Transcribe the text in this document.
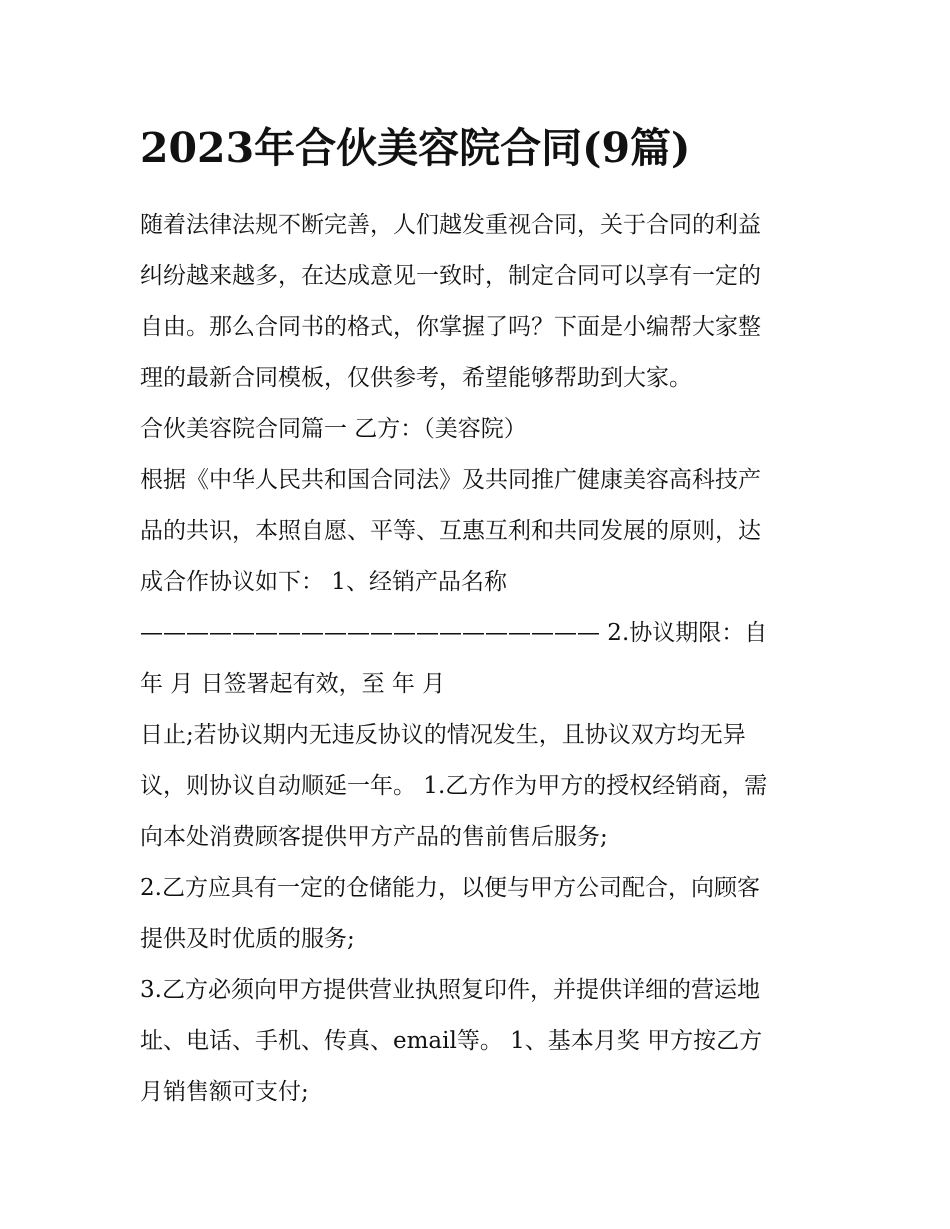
2023年合伙美容院合同(9篇)
随着法律法规不断完善，人们越发重视合同，关于合同的利益
纠纷越来越多，在达成意见一致时，制定合同可以享有一定的
自由。那么合同书的格式，你掌握了吗？下面是小编帮大家整
理的最新合同模板，仅供参考，希望能够帮助到大家。
合伙美容院合同篇一 乙方：（美容院）
根据《中华人民共和国合同法》及共同推广健康美容高科技产
品的共识，本照自愿、平等、互惠互利和共同发展的原则，达
成合作协议如下： 1、经销产品名称
———————————————————— 2.协议期限：自
年 月 日签署起有效，至 年 月
日止;若协议期内无违反协议的情况发生，且协议双方均无异
议，则协议自动顺延一年。 1.乙方作为甲方的授权经销商，需
向本处消费顾客提供甲方产品的售前售后服务;
2.乙方应具有一定的仓储能力，以便与甲方公司配合，向顾客
提供及时优质的服务;
3.乙方必须向甲方提供营业执照复印件，并提供详细的营运地
址、电话、手机、传真、email等。 1、基本月奖 甲方按乙方
月销售额可支付;
